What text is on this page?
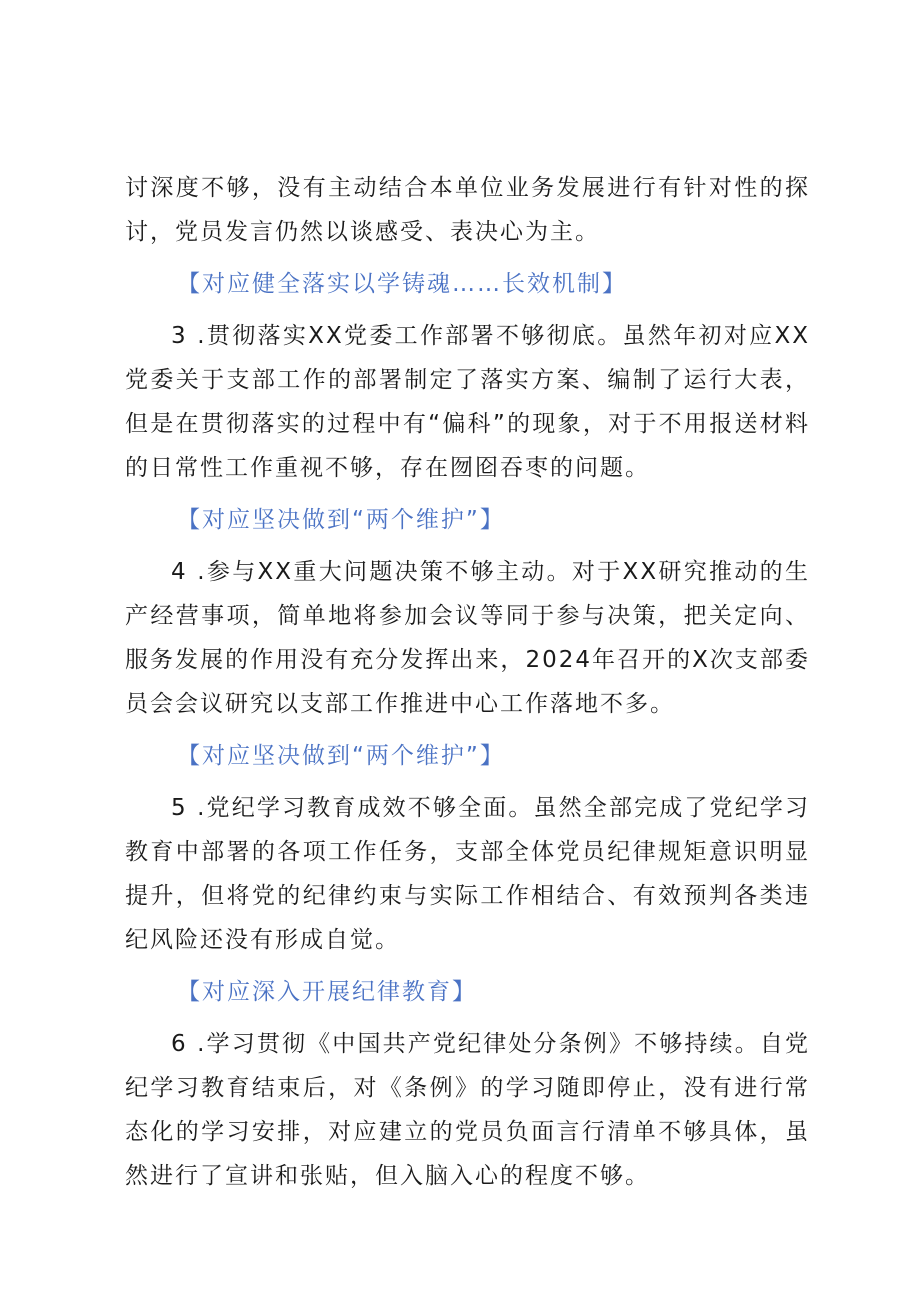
讨深度不够，没有主动结合本单位业务发展进行有针对性的探讨，党员发言仍然以谈感受、表决心为主。

【对应健全落实以学铸魂……长效机制】

3 .贯彻落实XX党委工作部署不够彻底。虽然年初对应XX党委关于支部工作的部署制定了落实方案、编制了运行大表，但是在贯彻落实的过程中有“偏科”的现象，对于不用报送材料的日常性工作重视不够，存在囫囵吞枣的问题。

【对应坚决做到“两个维护”】

4 .参与XX重大问题决策不够主动。对于XX研究推动的生产经营事项，简单地将参加会议等同于参与决策，把关定向、服务发展的作用没有充分发挥出来，2024年召开的X次支部委员会会议研究以支部工作推进中心工作落地不多。

【对应坚决做到“两个维护”】

5 .党纪学习教育成效不够全面。虽然全部完成了党纪学习教育中部署的各项工作任务，支部全体党员纪律规矩意识明显提升，但将党的纪律约束与实际工作相结合、有效预判各类违纪风险还没有形成自觉。

【对应深入开展纪律教育】

6 .学习贯彻《中国共产党纪律处分条例》不够持续。自党纪学习教育结束后，对《条例》的学习随即停止，没有进行常态化的学习安排，对应建立的党员负面言行清单不够具体，虽然进行了宣讲和张贴，但入脑入心的程度不够。
